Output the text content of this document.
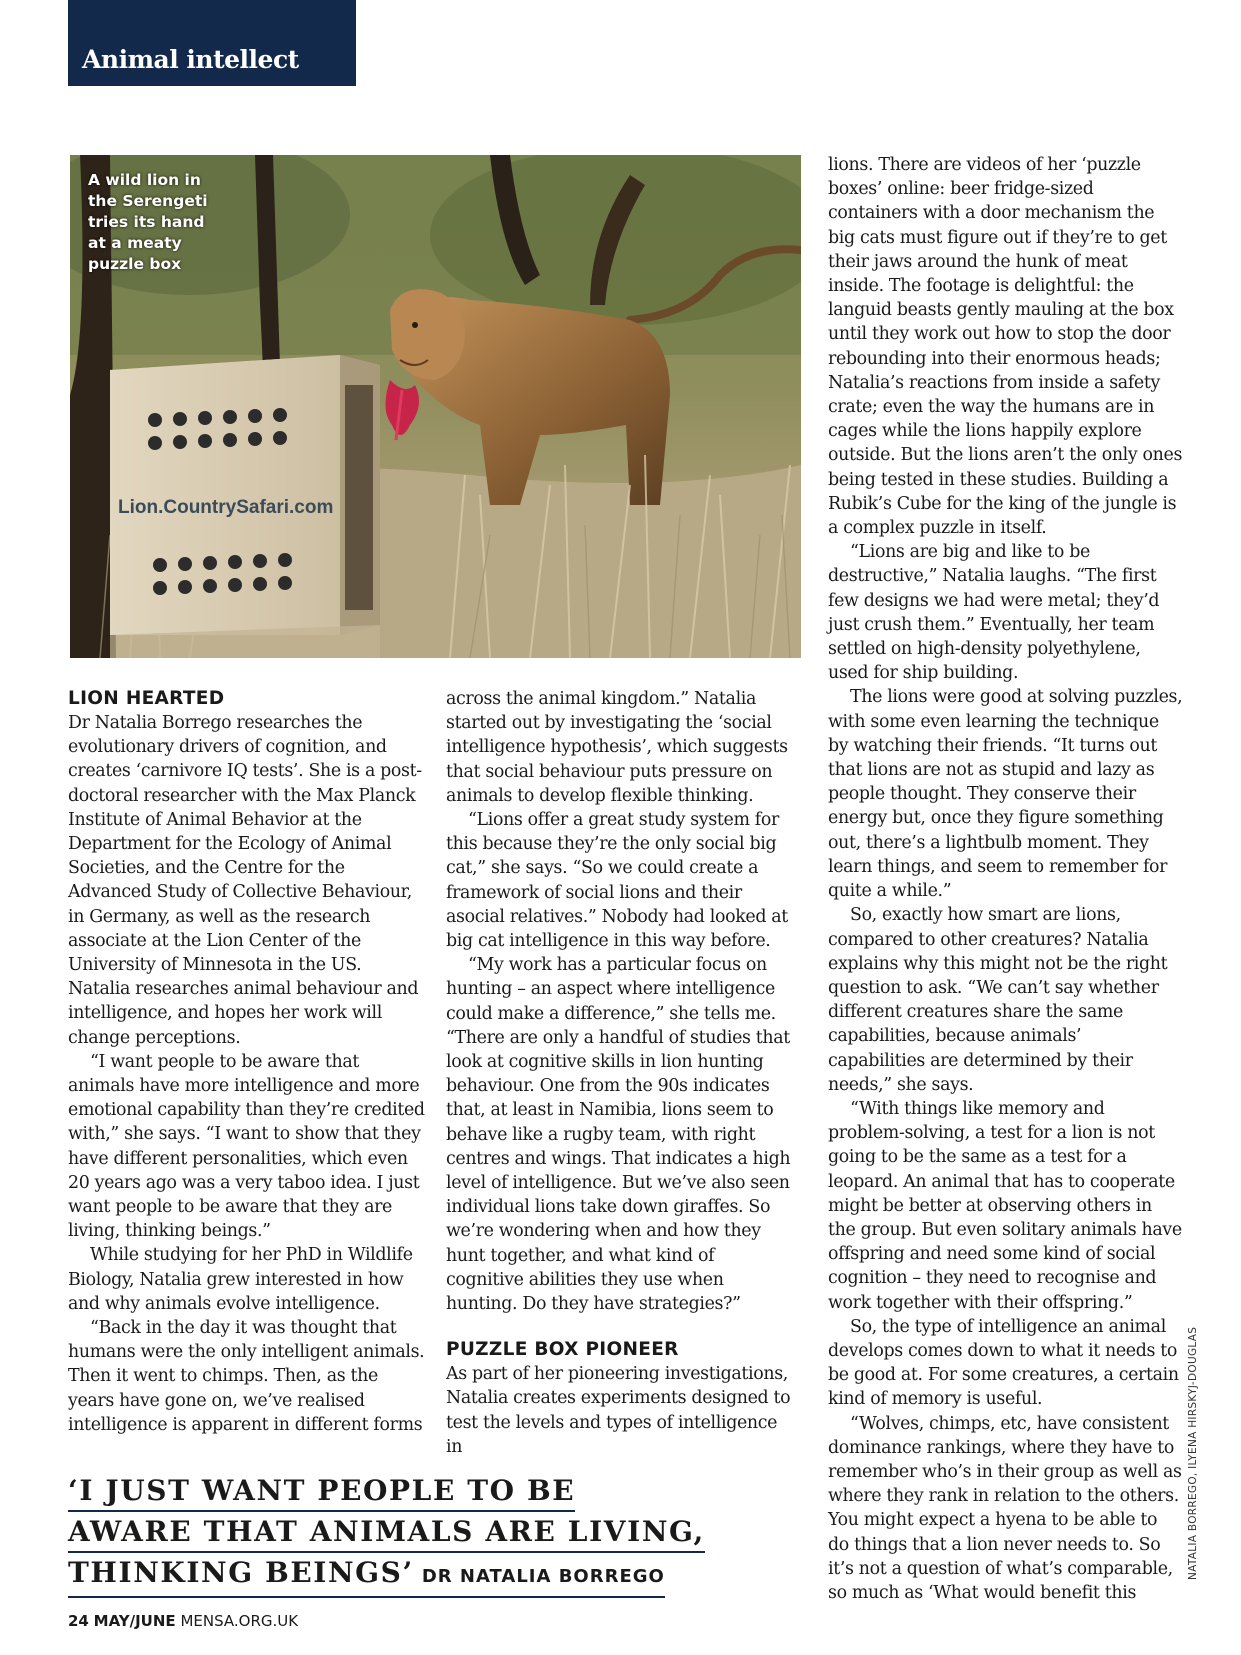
Animal intellect
Lion.CountrySafari.com
A wild lion in the Serengeti tries its hand at a meaty puzzle box
LION HEARTED

Dr Natalia Borrego researches the evolutionary drivers of cognition, and creates ‘carnivore IQ tests’. She is a post-doctoral researcher with the Max Planck Institute of Animal Behavior at the Department for the Ecology of Animal Societies, and the Centre for the Advanced Study of Collective Behaviour, in Germany, as well as the research associate at the Lion Center of the University of Minnesota in the US. Natalia researches animal behaviour and intelligence, and hopes her work will change perceptions.

“I want people to be aware that animals have more intelligence and more emotional capability than they’re credited with,” she says. “I want to show that they have different personalities, which even 20 years ago was a very taboo idea. I just want people to be aware that they are living, thinking beings.”

While studying for her PhD in Wildlife Biology, Natalia grew interested in how and why animals evolve intelligence.

“Back in the day it was thought that humans were the only intelligent animals. Then it went to chimps. Then, as the years have gone on, we’ve realised intelligence is apparent in different forms

across the animal kingdom.” Natalia started out by investigating the ‘social intelligence hypothesis’, which suggests that social behaviour puts pressure on animals to develop flexible thinking.

“Lions offer a great study system for this because they’re the only social big cat,” she says. “So we could create a framework of social lions and their asocial relatives.” Nobody had looked at big cat intelligence in this way before.

“My work has a particular focus on hunting – an aspect where intelligence could make a difference,” she tells me. “There are only a handful of studies that look at cognitive skills in lion hunting behaviour. One from the 90s indicates that, at least in Namibia, lions seem to behave like a rugby team, with right centres and wings. That indicates a high level of intelligence. But we’ve also seen individual lions take down giraffes. So we’re wondering when and how they hunt together, and what kind of cognitive abilities they use when hunting. Do they have strategies?”

PUZZLE BOX PIONEER

As part of her pioneering investigations, Natalia creates experiments designed to test the levels and types of intelligence in

lions. There are videos of her ‘puzzle boxes’ online: beer fridge-sized containers with a door mechanism the big cats must figure out if they’re to get their jaws around the hunk of meat inside. The footage is delightful: the languid beasts gently mauling at the box until they work out how to stop the door rebounding into their enormous heads; Natalia’s reactions from inside a safety crate; even the way the humans are in cages while the lions happily explore outside. But the lions aren’t the only ones being tested in these studies. Building a Rubik’s Cube for the king of the jungle is a complex puzzle in itself.

“Lions are big and like to be destructive,” Natalia laughs. “The first few designs we had were metal; they’d just crush them.” Eventually, her team settled on high-density polyethylene, used for ship building.

The lions were good at solving puzzles, with some even learning the technique by watching their friends. “It turns out that lions are not as stupid and lazy as people thought. They conserve their energy but, once they figure something out, there’s a lightbulb moment. They learn things, and seem to remember for quite a while.”

So, exactly how smart are lions, compared to other creatures? Natalia explains why this might not be the right question to ask. “We can’t say whether different creatures share the same capabilities, because animals’ capabilities are determined by their needs,” she says.

“With things like memory and problem-solving, a test for a lion is not going to be the same as a test for a leopard. An animal that has to cooperate might be better at observing others in the group. But even solitary animals have offspring and need some kind of social cognition – they need to recognise and work together with their offspring.”

So, the type of intelligence an animal develops comes down to what it needs to be good at. For some creatures, a certain kind of memory is useful.

“Wolves, chimps, etc, have consistent dominance rankings, where they have to remember who’s in their group as well as where they rank in relation to the others. You might expect a hyena to be able to do things that a lion never needs to. So it’s not a question of what’s comparable, so much as ‘What would benefit this

‘I JUST WANT PEOPLE TO BE
AWARE THAT ANIMALS ARE LIVING,
THINKING BEINGS’ DR NATALIA BORREGO
24 MAY/JUNE MENSA.ORG.UK
NATALIA BORREGO, ILYENA HIRSKYJ-DOUGLAS
